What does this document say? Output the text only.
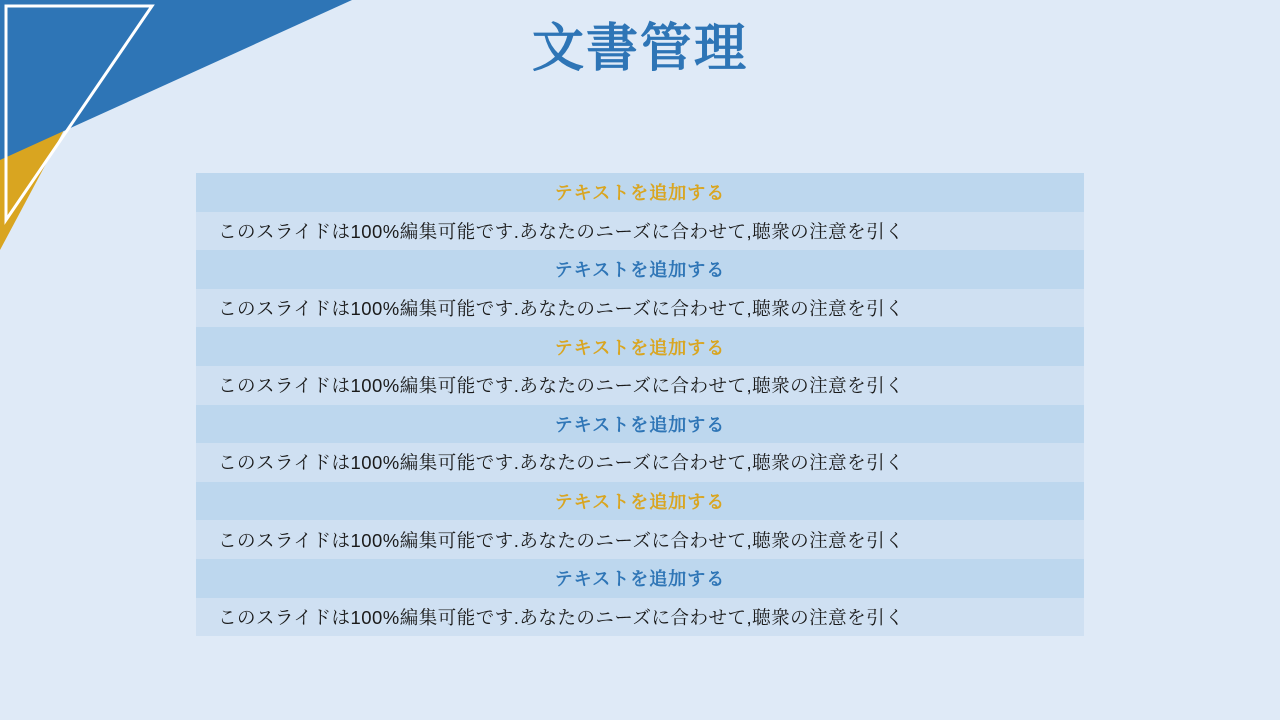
文書管理
テキストを追加する
このスライドは100%編集可能です.あなたのニーズに合わせて,聴衆の注意を引く
テキストを追加する
このスライドは100%編集可能です.あなたのニーズに合わせて,聴衆の注意を引く
テキストを追加する
このスライドは100%編集可能です.あなたのニーズに合わせて,聴衆の注意を引く
テキストを追加する
このスライドは100%編集可能です.あなたのニーズに合わせて,聴衆の注意を引く
テキストを追加する
このスライドは100%編集可能です.あなたのニーズに合わせて,聴衆の注意を引く
テキストを追加する
このスライドは100%編集可能です.あなたのニーズに合わせて,聴衆の注意を引く
